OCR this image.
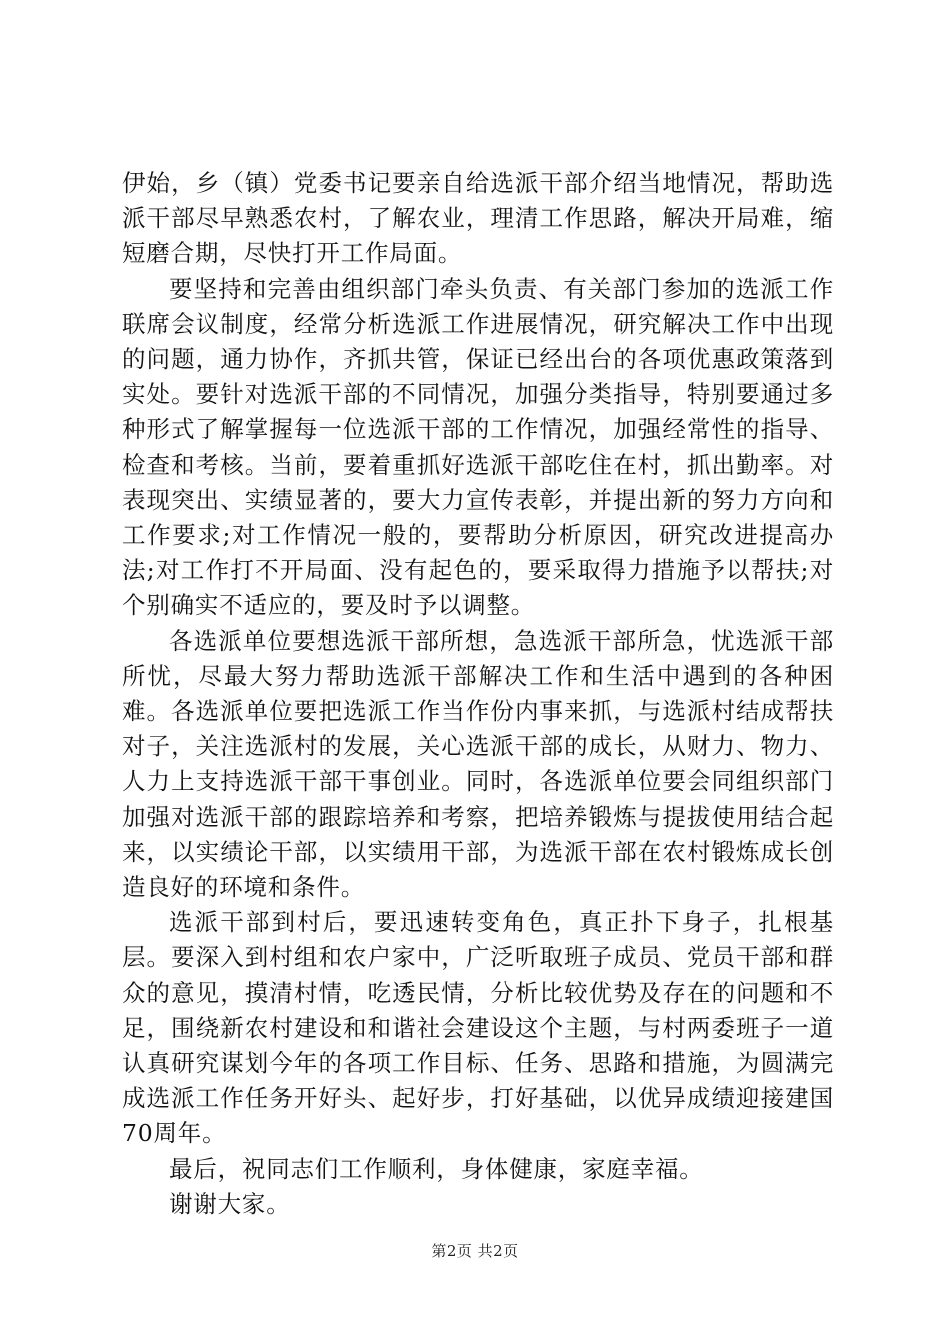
伊始，乡（镇）党委书记要亲自给选派干部介绍当地情况，帮助选派干部尽早熟悉农村，了解农业，理清工作思路，解决开局难，缩短磨合期，尽快打开工作局面。

要坚持和完善由组织部门牵头负责、有关部门参加的选派工作联席会议制度，经常分析选派工作进展情况，研究解决工作中出现的问题，通力协作，齐抓共管，保证已经出台的各项优惠政策落到实处。要针对选派干部的不同情况，加强分类指导，特别要通过多种形式了解掌握每一位选派干部的工作情况，加强经常性的指导、检查和考核。当前，要着重抓好选派干部吃住在村，抓出勤率。对表现突出、实绩显著的，要大力宣传表彰，并提出新的努力方向和工作要求;对工作情况一般的，要帮助分析原因，研究改进提高办法;对工作打不开局面、没有起色的，要采取得力措施予以帮扶;对个别确实不适应的，要及时予以调整。

各选派单位要想选派干部所想，急选派干部所急，忧选派干部所忧，尽最大努力帮助选派干部解决工作和生活中遇到的各种困难。各选派单位要把选派工作当作份内事来抓，与选派村结成帮扶对子，关注选派村的发展，关心选派干部的成长，从财力、物力、人力上支持选派干部干事创业。同时，各选派单位要会同组织部门加强对选派干部的跟踪培养和考察，把培养锻炼与提拔使用结合起来，以实绩论干部，以实绩用干部，为选派干部在农村锻炼成长创造良好的环境和条件。

选派干部到村后，要迅速转变角色，真正扑下身子，扎根基层。要深入到村组和农户家中，广泛听取班子成员、党员干部和群众的意见，摸清村情，吃透民情，分析比较优势及存在的问题和不足，围绕新农村建设和和谐社会建设这个主题，与村两委班子一道认真研究谋划今年的各项工作目标、任务、思路和措施，为圆满完成选派工作任务开好头、起好步，打好基础，以优异成绩迎接建国70周年。

最后，祝同志们工作顺利，身体健康，家庭幸福。

谢谢大家。

第2页 共2页
